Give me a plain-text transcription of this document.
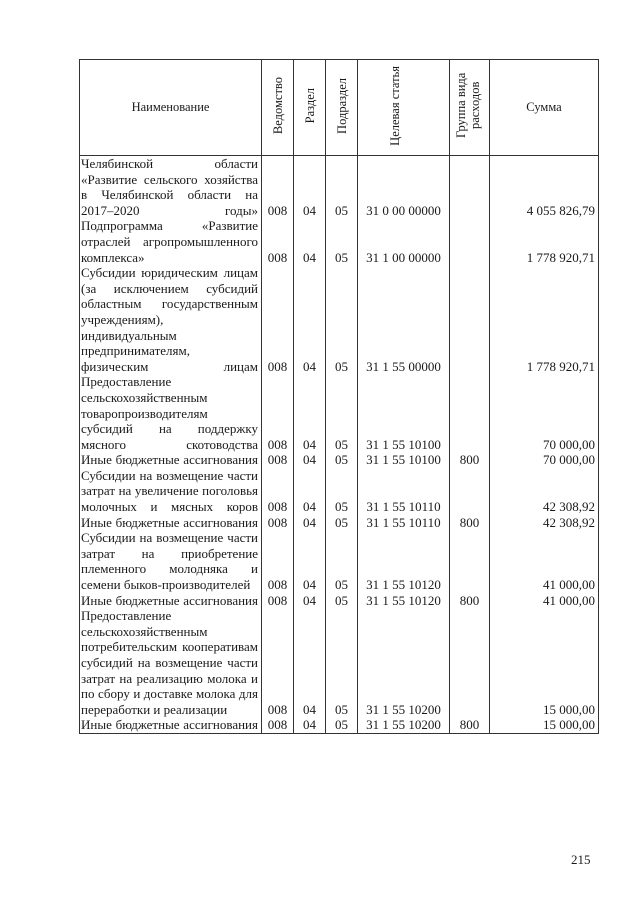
Наименование	Ведомство	Раздел	Подраздел	Целевая статья	Группа вида расходов	Сумма
Челябинской области «Развитие сельского хозяйства в Челябинской области на 2017–2020 годы»	008	04	05	31 0 00 00000		4 055 826,79
Подпрограмма «Развитие отраслей агропромышленного комплекса»	008	04	05	31 1 00 00000		1 778 920,71
Субсидии юридическим лицам (за исключением субсидий областным государственным учреждениям), индивидуальным предпринимателям, физическим лицам	008	04	05	31 1 55 00000		1 778 920,71
Предоставление сельскохозяйственным товаропроизводителям субсидий на поддержку мясного скотоводства	008	04	05	31 1 55 10100		70 000,00
Иные бюджетные ассигнования	008	04	05	31 1 55 10100	800	70 000,00
Субсидии на возмещение части затрат на увеличение поголовья молочных и мясных коров	008	04	05	31 1 55 10110		42 308,92
Иные бюджетные ассигнования	008	04	05	31 1 55 10110	800	42 308,92
Субсидии на возмещение части затрат на приобретение племенного молодняка и семени быков-производителей	008	04	05	31 1 55 10120		41 000,00
Иные бюджетные ассигнования	008	04	05	31 1 55 10120	800	41 000,00
Предоставление сельскохозяйственным потребительским кооперативам субсидий на возмещение части затрат на реализацию молока и по сбору и доставке молока для переработки и реализации	008	04	05	31 1 55 10200		15 000,00
Иные бюджетные ассигнования	008	04	05	31 1 55 10200	800	15 000,00
215
